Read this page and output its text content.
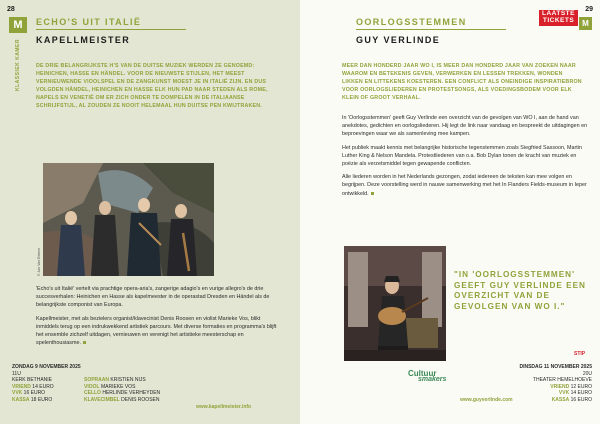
28
M
KLASSIEK KAMER
ECHO'S UIT ITALIË
KAPELLMEISTER
DE DRIE BELANGRIJKSTE H'S VAN DE DUITSE MUZIEK WERDEN ZE GENOEMD: HEINICHEN, HASSE EN HÄNDEL. VOOR DE NIEUWSTE STIJLEN, HET MEEST VERNIEUWENDE VIOOLSPEL EN DE ZANGKUNST MOEST JE IN ITALIË ZIJN. EN DUS VOLGDEN HÄNDEL, HEINICHEN EN HASSE ELK HUN PAD NAAR STEDEN ALS ROME, NAPELS EN VENETIË OM ER ZICH ONDER TE DOMPELEN IN DE ITALIAANSE SCHRIJFSTIJL, AL ZOUDEN ZE NOOIT HELEMAAL HUN DUITSE PEN KWIJTRAKEN.
© Jan Van Eekere

'Echo's uit Italië' vertelt via prachtige opera-aria's, zangerige adagio's en vurige allegro's de drie succesverhalen: Heinichen en Hasse als kapelmeester in de operastad Dresden en Händel als de belangrijkste componist van Europa.

Kapellmeister, met als bezielers organist/klavecinist Denis Roosen en violist Marieke Vos, blikt inmiddels terug op een indrukwekkend artistiek parcours. Met diverse formaties en programma's blijft het ensemble zichzelf uitdagen, vernieuwen en verenigt het artistieke meesterschap en spelenthousiasme.

ZONDAG 9 NOVEMBER 2025
11U
KERK BETHANIE
VRIEND 14 EURO
VVK 16 EURO
KASSA 18 EURO
SOPRAAN KRISTIEN NIJS
VIOOL MARIEKE VOS
CELLO HERLINDE VERHEYDEN
KLAVECIMBEL DENIS ROOSEN
www.kapellmeister.info
29
LAATSTE
TICKETS	M
OORLOGSSTEMMEN
GUY VERLINDE
MEER DAN HONDERD JAAR WO I, IS MEER DAN HONDERD JAAR VAN ZOEKEN NAAR WAAROM EN BETEKENIS GEVEN, VERWERKEN EN LESSEN TREKKEN, WONDEN LIKKEN EN LITTEKENS KOESTEREN. EEN CONFLICT ALS ONEINDIGE INSPIRATIEBRON VOOR OORLOGSLIEDEREN EN PROTESTSONGS, ALS VOEDINGSBODEM VOOR ELK KLEIN OF GROOT VERHAAL.

In 'Oorlogsstemmen' geeft Guy Verlinde een overzicht van de gevolgen van WO I, aan de hand van anekdotes, gedichten en oorlogsliederen. Hij legt de link naar vandaag en bespreekt de uitdagingen en beproevingen waar we als samenleving mee kampen.

Het publiek maakt kennis met belangrijke historische tegenstemmen zoals Siegfried Sassoon, Martin Luther King & Nelson Mandela. Protestliederen van o.a. Bob Dylan tonen de kracht van muziek en poëzie als verzetsmiddel tegen gewapende conflicten.

Alle liederen worden in het Nederlands gezongen, zodat iedereen de teksten kan mee volgen en begrijpen. Deze voorstelling werd in nauwe samenwerking met het In Flanders Fields-museum in Ieper ontwikkeld.

"IN 'OORLOGSSTEMMEN' GEEFT GUY VERLINDE EEN OVERZICHT VAN DE GEVOLGEN VAN WO I."
STIP
Cultuur
smakers
www.guyverlinde.com
DINSDAG 11 NOVEMBER 2025
20U
THEATER HEMELHOEVE
VRIEND 12 EURO
VVK 14 EURO
KASSA 16 EURO
